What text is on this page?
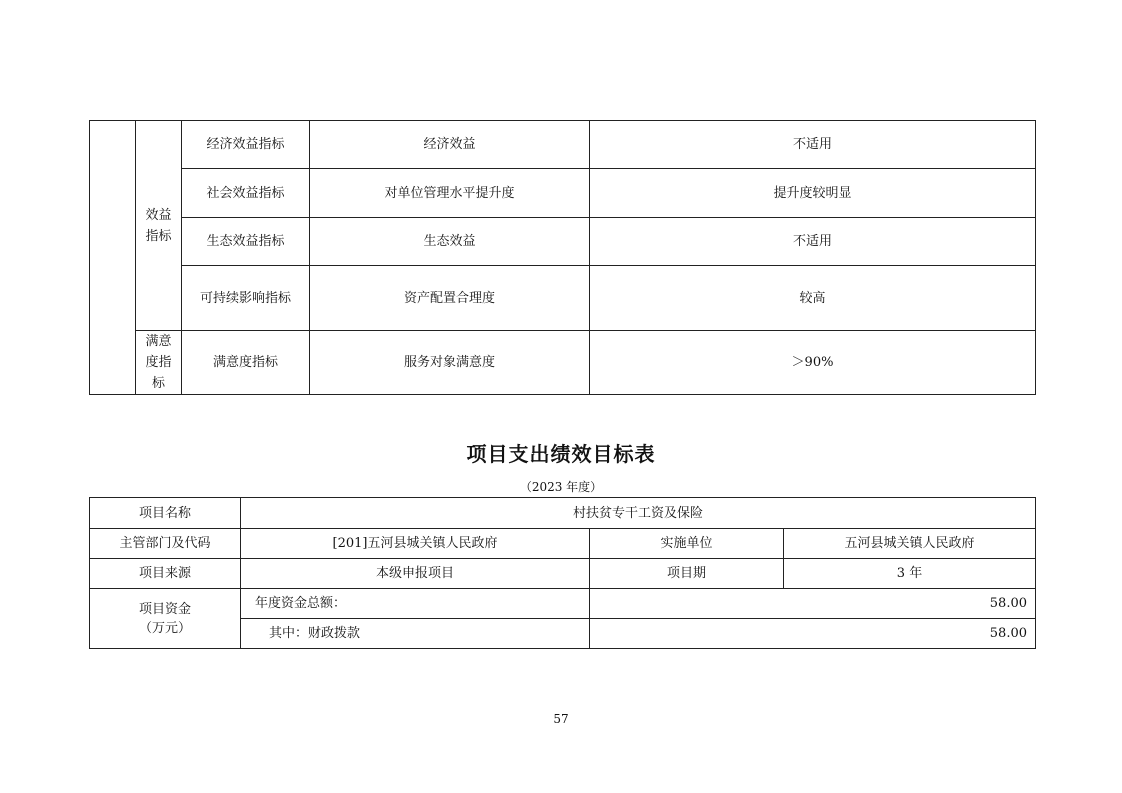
	效益指标	经济效益指标	经济效益	不适用
		社会效益指标	对单位管理水平提升度	提升度较明显
		生态效益指标	生态效益	不适用
		可持续影响指标	资产配置合理度	较高
	满意度指标	满意度指标	服务对象满意度	＞90%
项目支出绩效目标表
（2023 年度）
项目名称	村扶贫专干工资及保险		
主管部门及代码	[201]五河县城关镇人民政府	实施单位	五河县城关镇人民政府
项目来源	本级申报项目	项目期	3 年

项目资金
（万元）	年度资金总额：	58.00	
	其中：财政拨款	58.00	
57
